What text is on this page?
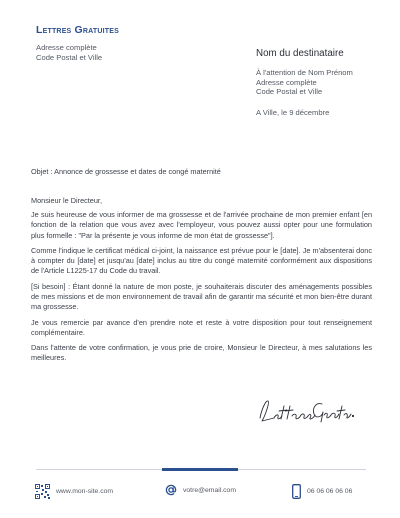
Lettres Gratuites
Adresse complète
Code Postal et Ville	Nom du destinataire
À l'attention de Nom Prénom
Adresse complète
Code Postal et Ville
A Ville, le 9 décembre
Objet : Annonce de grossesse et dates de congé maternité

Monsieur le Directeur,

Je suis heureuse de vous informer de ma grossesse et de l'arrivée prochaine de mon premier enfant [en fonction de la relation que vous avez avec l'employeur, vous pouvez aussi opter pour une formulation plus formelle : "Par la présente je vous informe de mon état de grossesse"].

Comme l'indique le certificat médical ci-joint, la naissance est prévue pour le [date]. Je m'absenterai donc à compter du [date] et jusqu'au [date] inclus au titre du congé maternité conformément aux dispositions de l'Article L1225-17 du Code du travail.

[Si besoin] : Étant donné la nature de mon poste, je souhaiterais discuter des aménagements possibles de mes missions et de mon environnement de travail afin de garantir ma sécurité et mon bien-être durant ma grossesse.

Je vous remercie par avance d'en prendre note et reste à votre disposition pour tout renseignement complémentaire.

Dans l'attente de votre confirmation, je vous prie de croire, Monsieur le Directeur, à mes salutations les meilleures.

www.mon-site.com	votre@email.com	06 06 06 06 06
